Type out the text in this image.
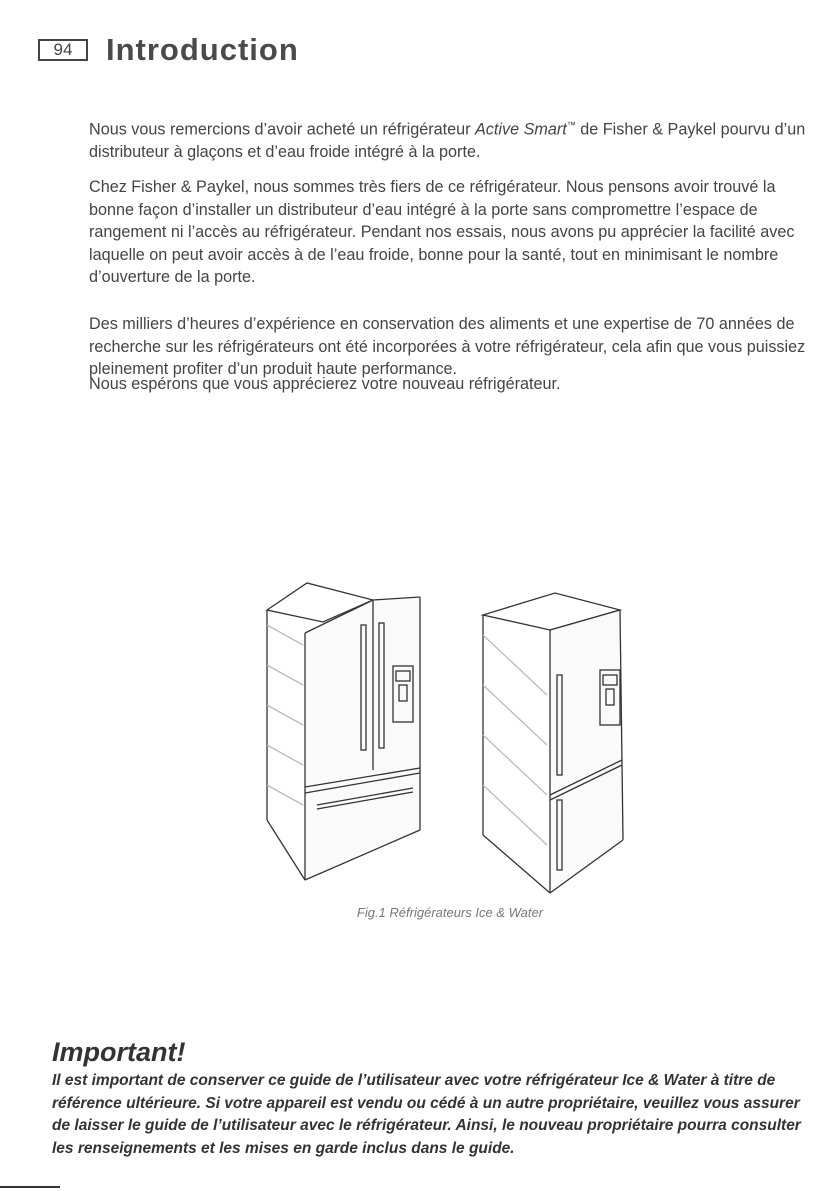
94	Introduction

Nous vous remercions d’avoir acheté un réfrigérateur Active Smart™ de Fisher & Paykel pourvu d’un distributeur à glaçons et d’eau froide intégré à la porte.

Chez Fisher & Paykel, nous sommes très fiers de ce réfrigérateur. Nous pensons avoir trouvé la bonne façon d’installer un distributeur d’eau intégré à la porte sans compromettre l’espace de rangement ni l’accès au réfrigérateur. Pendant nos essais, nous avons pu apprécier la facilité avec laquelle on peut avoir accès à de l’eau froide, bonne pour la santé, tout en minimisant le nombre d’ouverture de la porte.

Des milliers d’heures d’expérience en conservation des aliments et une expertise de 70 années de recherche sur les réfrigérateurs ont été incorporées à votre réfrigérateur, cela afin que vous puissiez pleinement profiter d’un produit haute performance.

Nous espérons que vous apprécierez votre nouveau réfrigérateur.

Fig.1 Réfrigérateurs Ice & Water

Important!

Il est important de conserver ce guide de l’utilisateur avec votre réfrigérateur Ice & Water à titre de référence ultérieure. Si votre appareil est vendu ou cédé à un autre propriétaire, veuillez vous assurer de laisser le guide de l’utilisateur avec le réfrigérateur. Ainsi, le nouveau propriétaire pourra consulter les renseignements et les mises en garde inclus dans le guide.
